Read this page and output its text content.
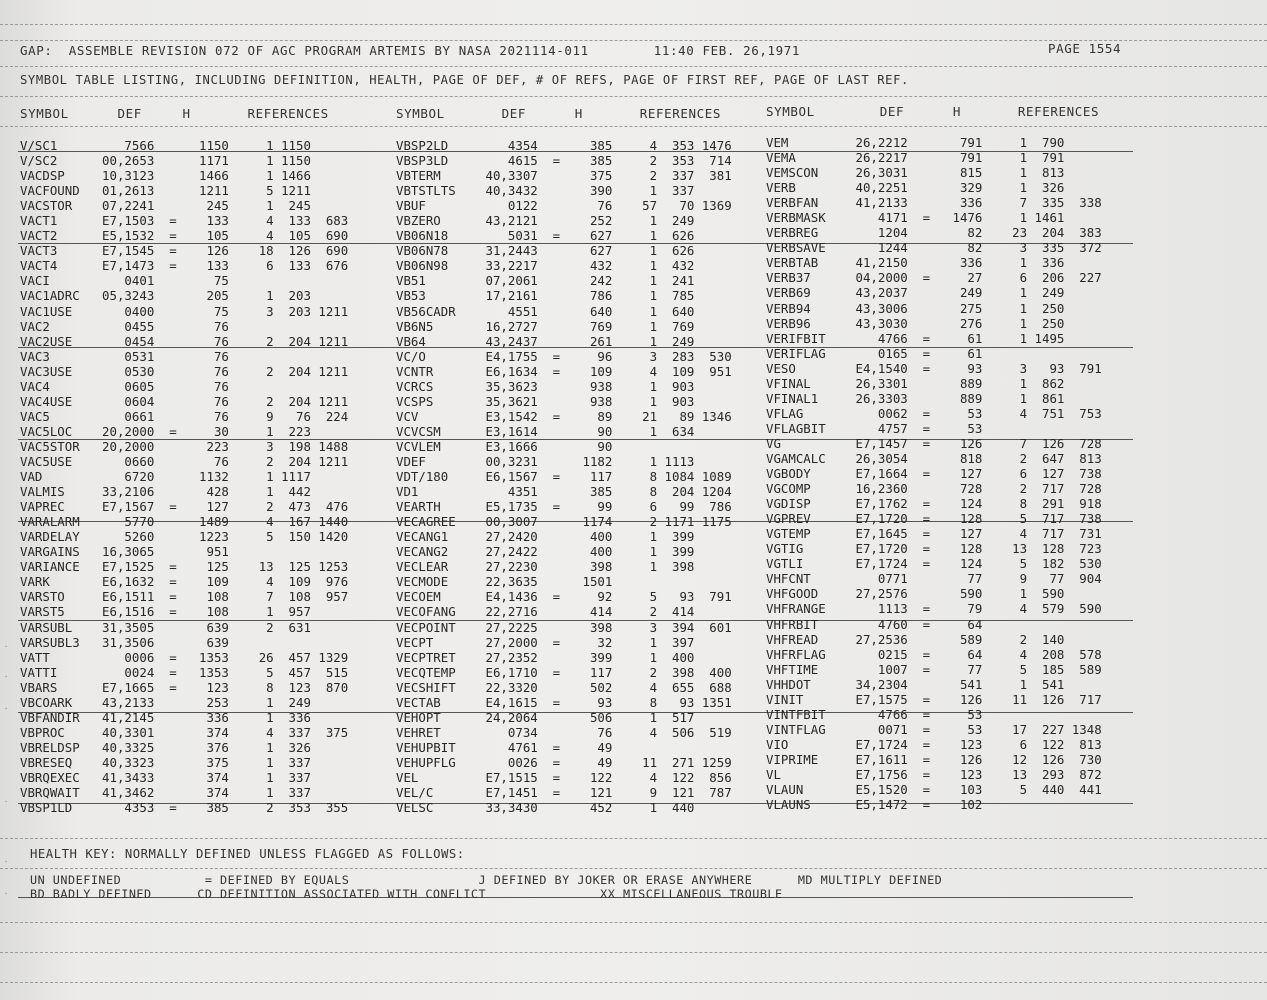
GAP:  ASSEMBLE REVISION 072 OF AGC PROGRAM ARTEMIS BY NASA 2021114-011        11:40 FEB. 26,1971	PAGE 1554
SYMBOL TABLE LISTING, INCLUDING DEFINITION, HEALTH, PAGE OF DEF, # OF REFS, PAGE OF FIRST REF, PAGE OF LAST REF.
SYMBOL      DEF     H       REFERENCES	SYMBOL       DEF      H       REFERENCES	SYMBOL        DEF      H       REFERENCES
V/SC1         7566      1150     1 1150
V/SC2      00,2653      1171     1 1150
VACDSP     10,3123      1466     1 1466
VACFOUND   01,2613      1211     5 1211
VACSTOR    07,2241       245     1  245
VACT1      E7,1503  =    133     4  133  683
VACT2      E5,1532  =    105     4  105  690
VACT3      E7,1545  =    126    18  126  690
VACT4      E7,1473  =    133     6  133  676
VACI          0401        75
VAC1ADRC   05,3243       205     1  203
VAC1USE       0400        75     3  203 1211
VAC2          0455        76
VAC2USE       0454        76     2  204 1211
VAC3          0531        76
VAC3USE       0530        76     2  204 1211
VAC4          0605        76
VAC4USE       0604        76     2  204 1211
VAC5          0661        76     9   76  224
VAC5LOC    20,2000  =     30     1  223
VAC5STOR   20,2000       223     3  198 1488
VAC5USE       0660        76     2  204 1211
VAD           6720      1132     1 1117
VALMIS     33,2106       428     1  442
VAPREC     E7,1567  =    127     2  473  476
VARALARM      5770      1489     4  167 1440
VARDELAY      5260      1223     5  150 1420
VARGAINS   16,3065       951
VARIANCE   E7,1525  =    125    13  125 1253
VARK       E6,1632  =    109     4  109  976
VARSTO     E6,1511  =    108     7  108  957
VARST5     E6,1516  =    108     1  957
VARSUBL    31,3505       639     2  631
VARSUBL3   31,3506       639
VATT          0006  =   1353    26  457 1329
VATTI         0024  =   1353     5  457  515
VBARS      E7,1665  =    123     8  123  870
VBCOARK    43,2133       253     1  249
VBFANDIR   41,2145       336     1  336
VBPROC     40,3301       374     4  337  375
VBRELDSP   40,3325       376     1  326
VBRESEQ    40,3323       375     1  337
VBRQEXEC   41,3433       374     1  337
VBRQWAIT   41,3462       374     1  337
VBSP1LD       4353  =    385     2  353  355
VBSP2LD        4354       385     4  353 1476
VBSP3LD        4615  =    385     2  353  714
VBTERM      40,3307       375     2  337  381
VBTSTLTS    40,3432       390     1  337
VBUF           0122        76    57   70 1369
VBZERO      43,2121       252     1  249
VB06N18        5031  =    627     1  626
VB06N78     31,2443       627     1  626
VB06N98     33,2217       432     1  432
VB51        07,2061       242     1  241
VB53        17,2161       786     1  785
VB56CADR       4551       640     1  640
VB6N5       16,2727       769     1  769
VB64        43,2437       261     1  249
VC/O        E4,1755  =     96     3  283  530
VCNTR       E6,1634  =    109     4  109  951
VCRCS       35,3623       938     1  903
VCSPS       35,3621       938     1  903
VCV         E3,1542  =     89    21   89 1346
VCVCSM      E3,1614        90     1  634
VCVLEM      E3,1666        90
VDEF        00,3231      1182     1 1113
VDT/180     E6,1567  =    117     8 1084 1089
VD1            4351       385     8  204 1204
VEARTH      E5,1735  =     99     6   99  786
VECAGREE    00,3007      1174     2 1171 1175
VECANG1     27,2420       400     1  399
VECANG2     27,2422       400     1  399
VECLEAR     27,2230       398     1  398
VECMODE     22,3635      1501
VECOEM      E4,1436  =     92     5   93  791
VECOFANG    22,2716       414     2  414
VECPOINT    27,2225       398     3  394  601
VECPT       27,2000  =     32     1  397
VECPTRET    27,2352       399     1  400
VECQTEMP    E6,1710  =    117     2  398  400
VECSHIFT    22,3320       502     4  655  688
VECTAB      E4,1615  =     93     8   93 1351
VEHOPT      24,2064       506     1  517
VEHRET         0734        76     4  506  519
VEHUPBIT       4761  =     49
VEHUPFLG       0026  =     49    11  271 1259
VEL         E7,1515  =    122     4  122  856
VEL/C       E7,1451  =    121     9  121  787
VELSC       33,3430       452     1  440
VEM         26,2212       791     1  790
VEMA        26,2217       791     1  791
VEMSCON     26,3031       815     1  813
VERB        40,2251       329     1  326
VERBFAN     41,2133       336     7  335  338
VERBMASK       4171  =   1476     1 1461
VERBREG        1204        82    23  204  383
VERBSAVE       1244        82     3  335  372
VERBTAB     41,2150       336     1  336
VERB37      04,2000  =     27     6  206  227
VERB69      43,2037       249     1  249
VERB94      43,3006       275     1  250
VERB96      43,3030       276     1  250
VERIFBIT       4766  =     61     1 1495
VERIFLAG       0165  =     61
VESO        E4,1540  =     93     3   93  791
VFINAL      26,3301       889     1  862
VFINAL1     26,3303       889     1  861
VFLAG          0062  =     53     4  751  753
VFLAGBIT       4757  =     53
VG          E7,1457  =    126     7  126  728
VGAMCALC    26,3054       818     2  647  813
VGBODY      E7,1664  =    127     6  127  738
VGCOMP      16,2360       728     2  717  728
VGDISP      E7,1762  =    124     8  291  918
VGPREV      E7,1720  =    128     5  717  738
VGTEMP      E7,1645  =    127     4  717  731
VGTIG       E7,1720  =    128    13  128  723
VGTLI       E7,1724  =    124     5  182  530
VHFCNT         0771        77     9   77  904
VHFGOOD     27,2576       590     1  590
VHFRANGE       1113  =     79     4  579  590
VHFRBIT        4760  =     64
VHFREAD     27,2536       589     2  140
VHFRFLAG       0215  =     64     4  208  578
VHFTIME        1007  =     77     5  185  589
VHHDOT      34,2304       541     1  541
VINIT       E7,1575  =    126    11  126  717
VINTFBIT       4766  =     53
VINTFLAG       0071  =     53    17  227 1348
VIO         E7,1724  =    123     6  122  813
VIPRIME     E7,1611  =    126    12  126  730
VL          E7,1756  =    123    13  293  872
VLAUN       E5,1520  =    103     5  440  441
VLAUNS      E5,1472  =    102
HEALTH KEY: NORMALLY DEFINED UNLESS FLAGGED AS FOLLOWS:
UN UNDEFINED           = DEFINED BY EQUALS                 J DEFINED BY JOKER OR ERASE ANYWHERE      MD MULTIPLY DEFINED
BD BADLY DEFINED      CD DEFINITION ASSOCIATED WITH CONFLICT               XX MISCELLANEOUS TROUBLE
·
·
·
·
·
·
